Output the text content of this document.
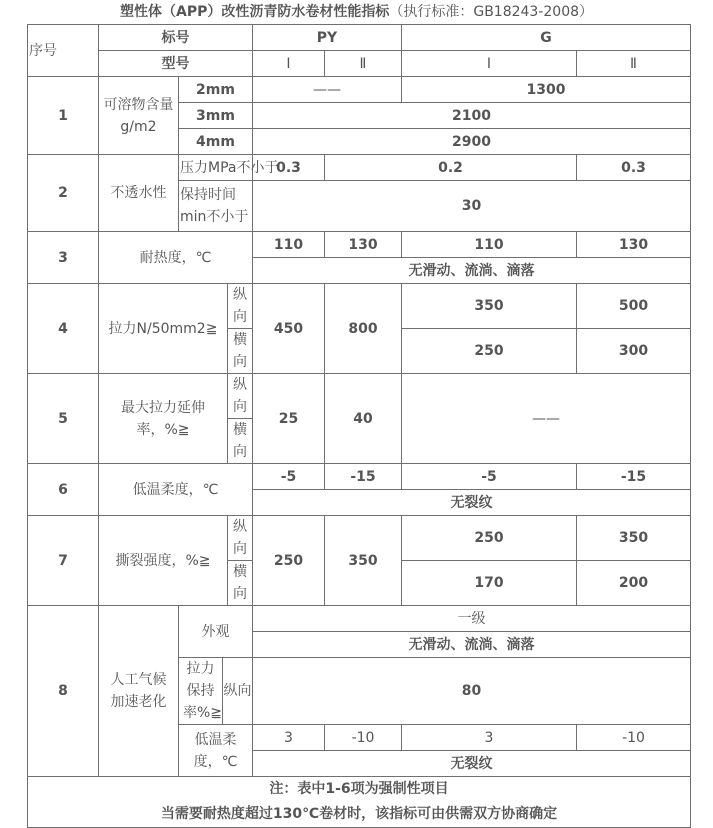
塑性体（APP）改性沥青防水卷材性能指标（执行标准：GB18243-2008）
序号	标号				PY		G	
	型号				Ⅰ	Ⅱ	Ⅰ	Ⅱ
1	可溶物含量g/m2	2mm			——		1300	
		3mm			2100			
		4mm			2900			
2	不透水性	压力MPa不小于			0.3	0.2		0.3
		保持时间min不小于			30			
3	耐热度，℃				110	130	110	130
					无滑动、流淌、滴落			
4	拉力N/50mm2≧			纵向	450	800	350	500
				横向			250	300
5	最大拉力延伸率，%≧			纵向	25	40	——	
				横向				
6	低温柔度，℃				-5	-15	-5	-15
					无裂纹			
7	撕裂强度，%≧			纵向	250	350	250	350
				横向			170	200
8	人工气候加速老化	外观			一级			
					无滑动、流淌、滴落			
		拉力保持率%≧	纵向		80			
		低温柔度，℃			3	-10	3	-10
					无裂纹			

注：表中1-6项为强制性项目
当需要耐热度超过130℃卷材时，该指标可由供需双方协商确定								
